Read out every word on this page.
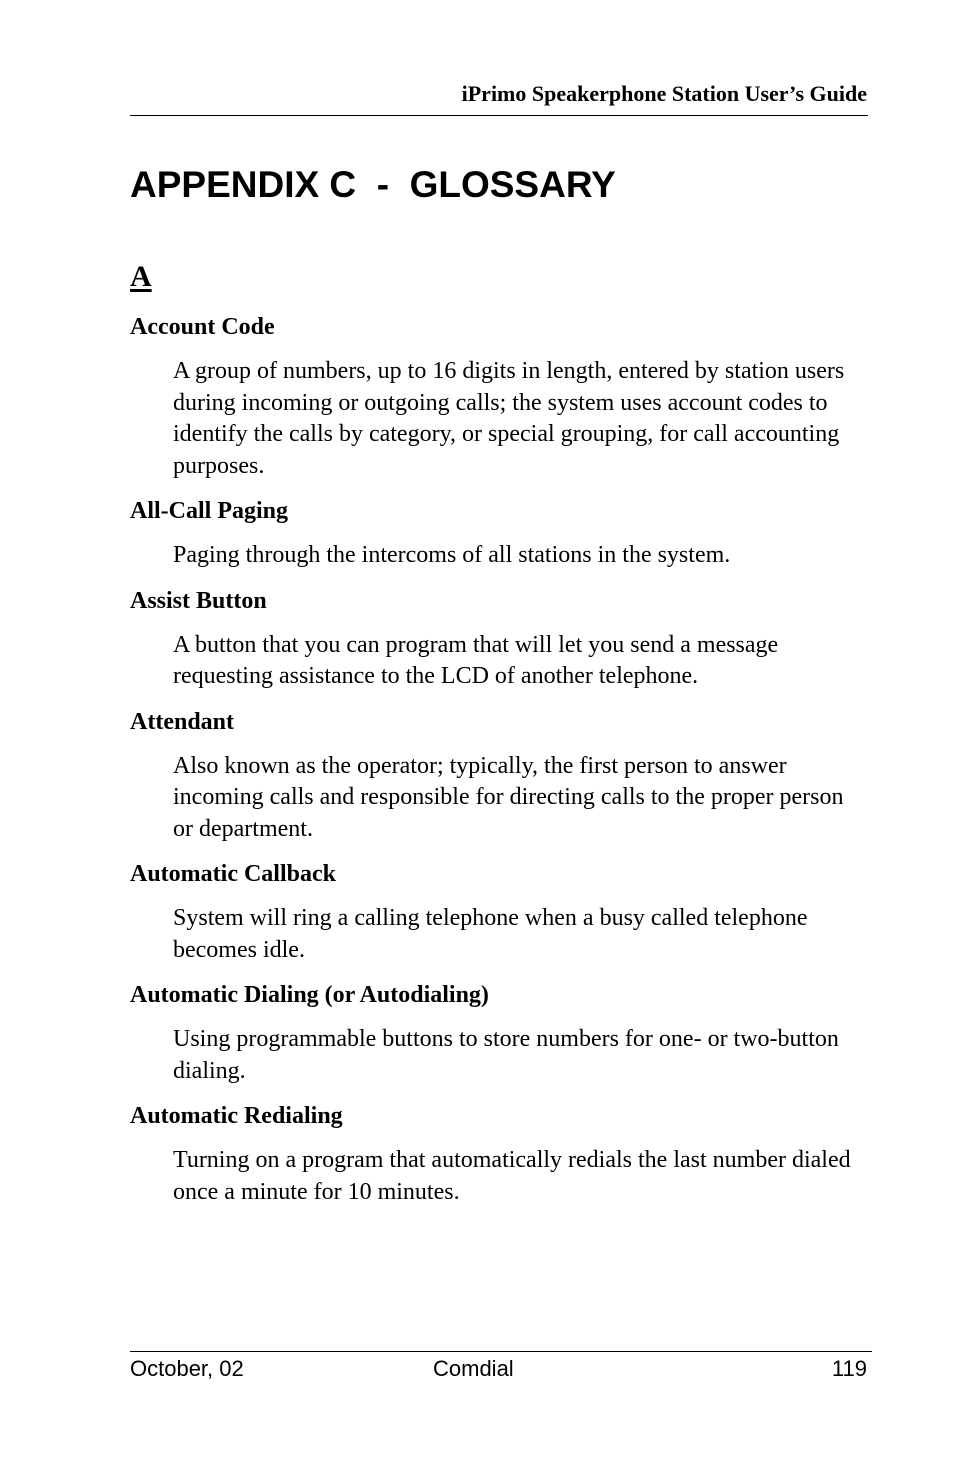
iPrimo Speakerphone Station User’s Guide
APPENDIX C  -  GLOSSARY
A
Account Code
A group of numbers, up to 16 digits in length, entered by station users during incoming or outgoing calls; the system uses account codes to identify the calls by category, or special grouping, for call accounting purposes.
All-Call Paging
Paging through the intercoms of all stations in the system.
Assist Button
A button that you can program that will let you send a message requesting assistance to the LCD of another telephone.
Attendant
Also known as the operator; typically, the first person to answer incoming calls and responsible for directing calls to the proper person or department.
Automatic Callback
System will ring a calling telephone when a busy called telephone becomes idle.
Automatic Dialing (or Autodialing)
Using programmable buttons to store numbers for one- or two-button dialing.
Automatic Redialing
Turning on a program that automatically redials the last number dialed once a minute for 10 minutes.
October, 02	Comdial	119
